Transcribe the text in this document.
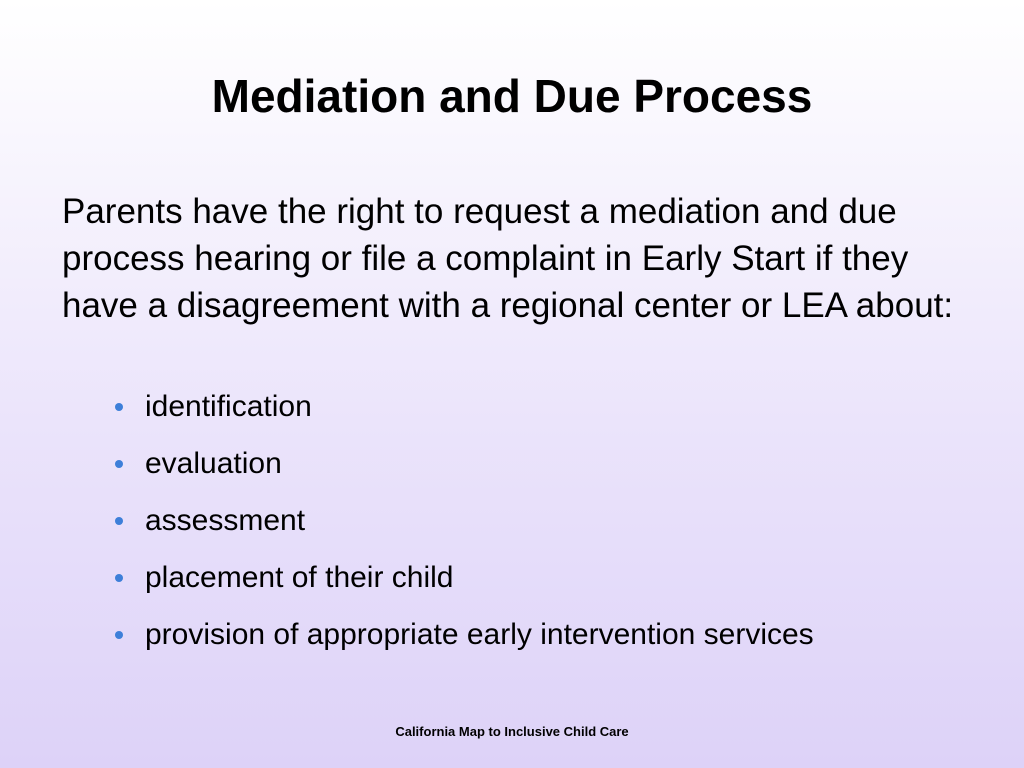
Mediation and Due Process

Parents have the right to request a mediation and due process hearing or file a complaint in Early Start if they have a disagreement with a regional center or LEA about:

identification
evaluation
assessment
placement of their child
provision of appropriate early intervention services
California Map to Inclusive Child Care
